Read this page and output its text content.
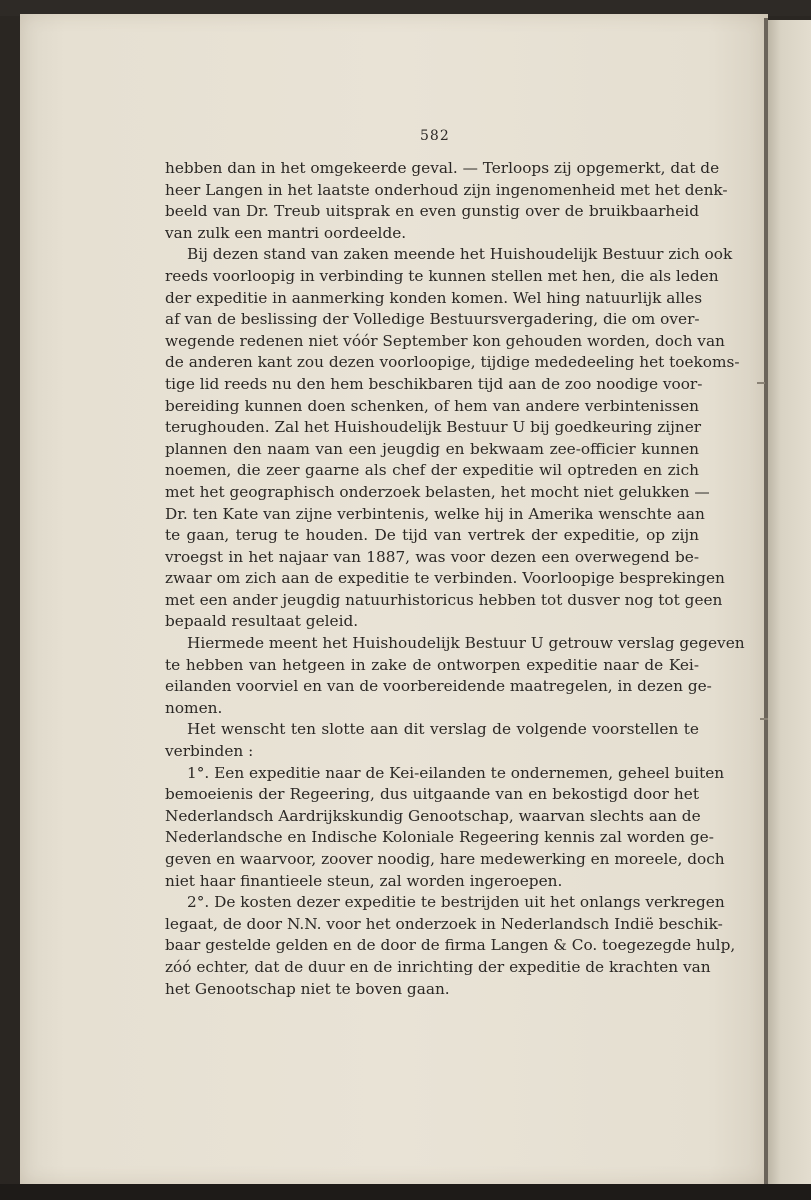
582
hebben dan in het omgekeerde geval. — Terloops zij opgemerkt, dat de
heer Langen in het laatste onderhoud zijn ingenomenheid met het denk-
beeld van Dr. Treub uitsprak en even gunstig over de bruikbaarheid
van zulk een mantri oordeelde.
Bij dezen stand van zaken meende het Huishoudelijk Bestuur zich ook
reeds voorloopig in verbinding te kunnen stellen met hen, die als leden
der expeditie in aanmerking konden komen. Wel hing natuurlijk alles
af van de beslissing der Volledige Bestuursvergadering, die om over-
wegende redenen niet vóór September kon gehouden worden, doch van
de anderen kant zou dezen voorloopige, tijdige mededeeling het toekoms-
tige lid reeds nu den hem beschikbaren tijd aan de zoo noodige voor-
bereiding kunnen doen schenken, of hem van andere verbintenissen
terughouden. Zal het Huishoudelijk Bestuur U bij goedkeuring zijner
plannen den naam van een jeugdig en bekwaam zee-officier kunnen
noemen, die zeer gaarne als chef der expeditie wil optreden en zich
met het geographisch onderzoek belasten, het mocht niet gelukken —
Dr. ten Kate van zijne verbintenis, welke hij in Amerika wenschte aan
te gaan, terug te houden. De tijd van vertrek der expeditie, op zijn
vroegst in het najaar van 1887, was voor dezen een overwegend be-
zwaar om zich aan de expeditie te verbinden. Voorloopige besprekingen
met een ander jeugdig natuurhistoricus hebben tot dusver nog tot geen
bepaald resultaat geleid.
Hiermede meent het Huishoudelijk Bestuur U getrouw verslag gegeven
te hebben van hetgeen in zake de ontworpen expeditie naar de Kei-
eilanden voorviel en van de voorbereidende maatregelen, in dezen ge-
nomen.
Het wenscht ten slotte aan dit verslag de volgende voorstellen te
verbinden :
1°. Een expeditie naar de Kei-eilanden te ondernemen, geheel buiten
bemoeienis der Regeering, dus uitgaande van en bekostigd door het
Nederlandsch Aardrijkskundig Genootschap, waarvan slechts aan de
Nederlandsche en Indische Koloniale Regeering kennis zal worden ge-
geven en waarvoor, zoover noodig, hare medewerking en moreele, doch
niet haar finantieele steun, zal worden ingeroepen.
2°. De kosten dezer expeditie te bestrijden uit het onlangs verkregen
legaat, de door N.N. voor het onderzoek in Nederlandsch Indië beschik-
baar gestelde gelden en de door de firma Langen & Co. toegezegde hulp,
zóó echter, dat de duur en de inrichting der expeditie de krachten van
het Genootschap niet te boven gaan.
